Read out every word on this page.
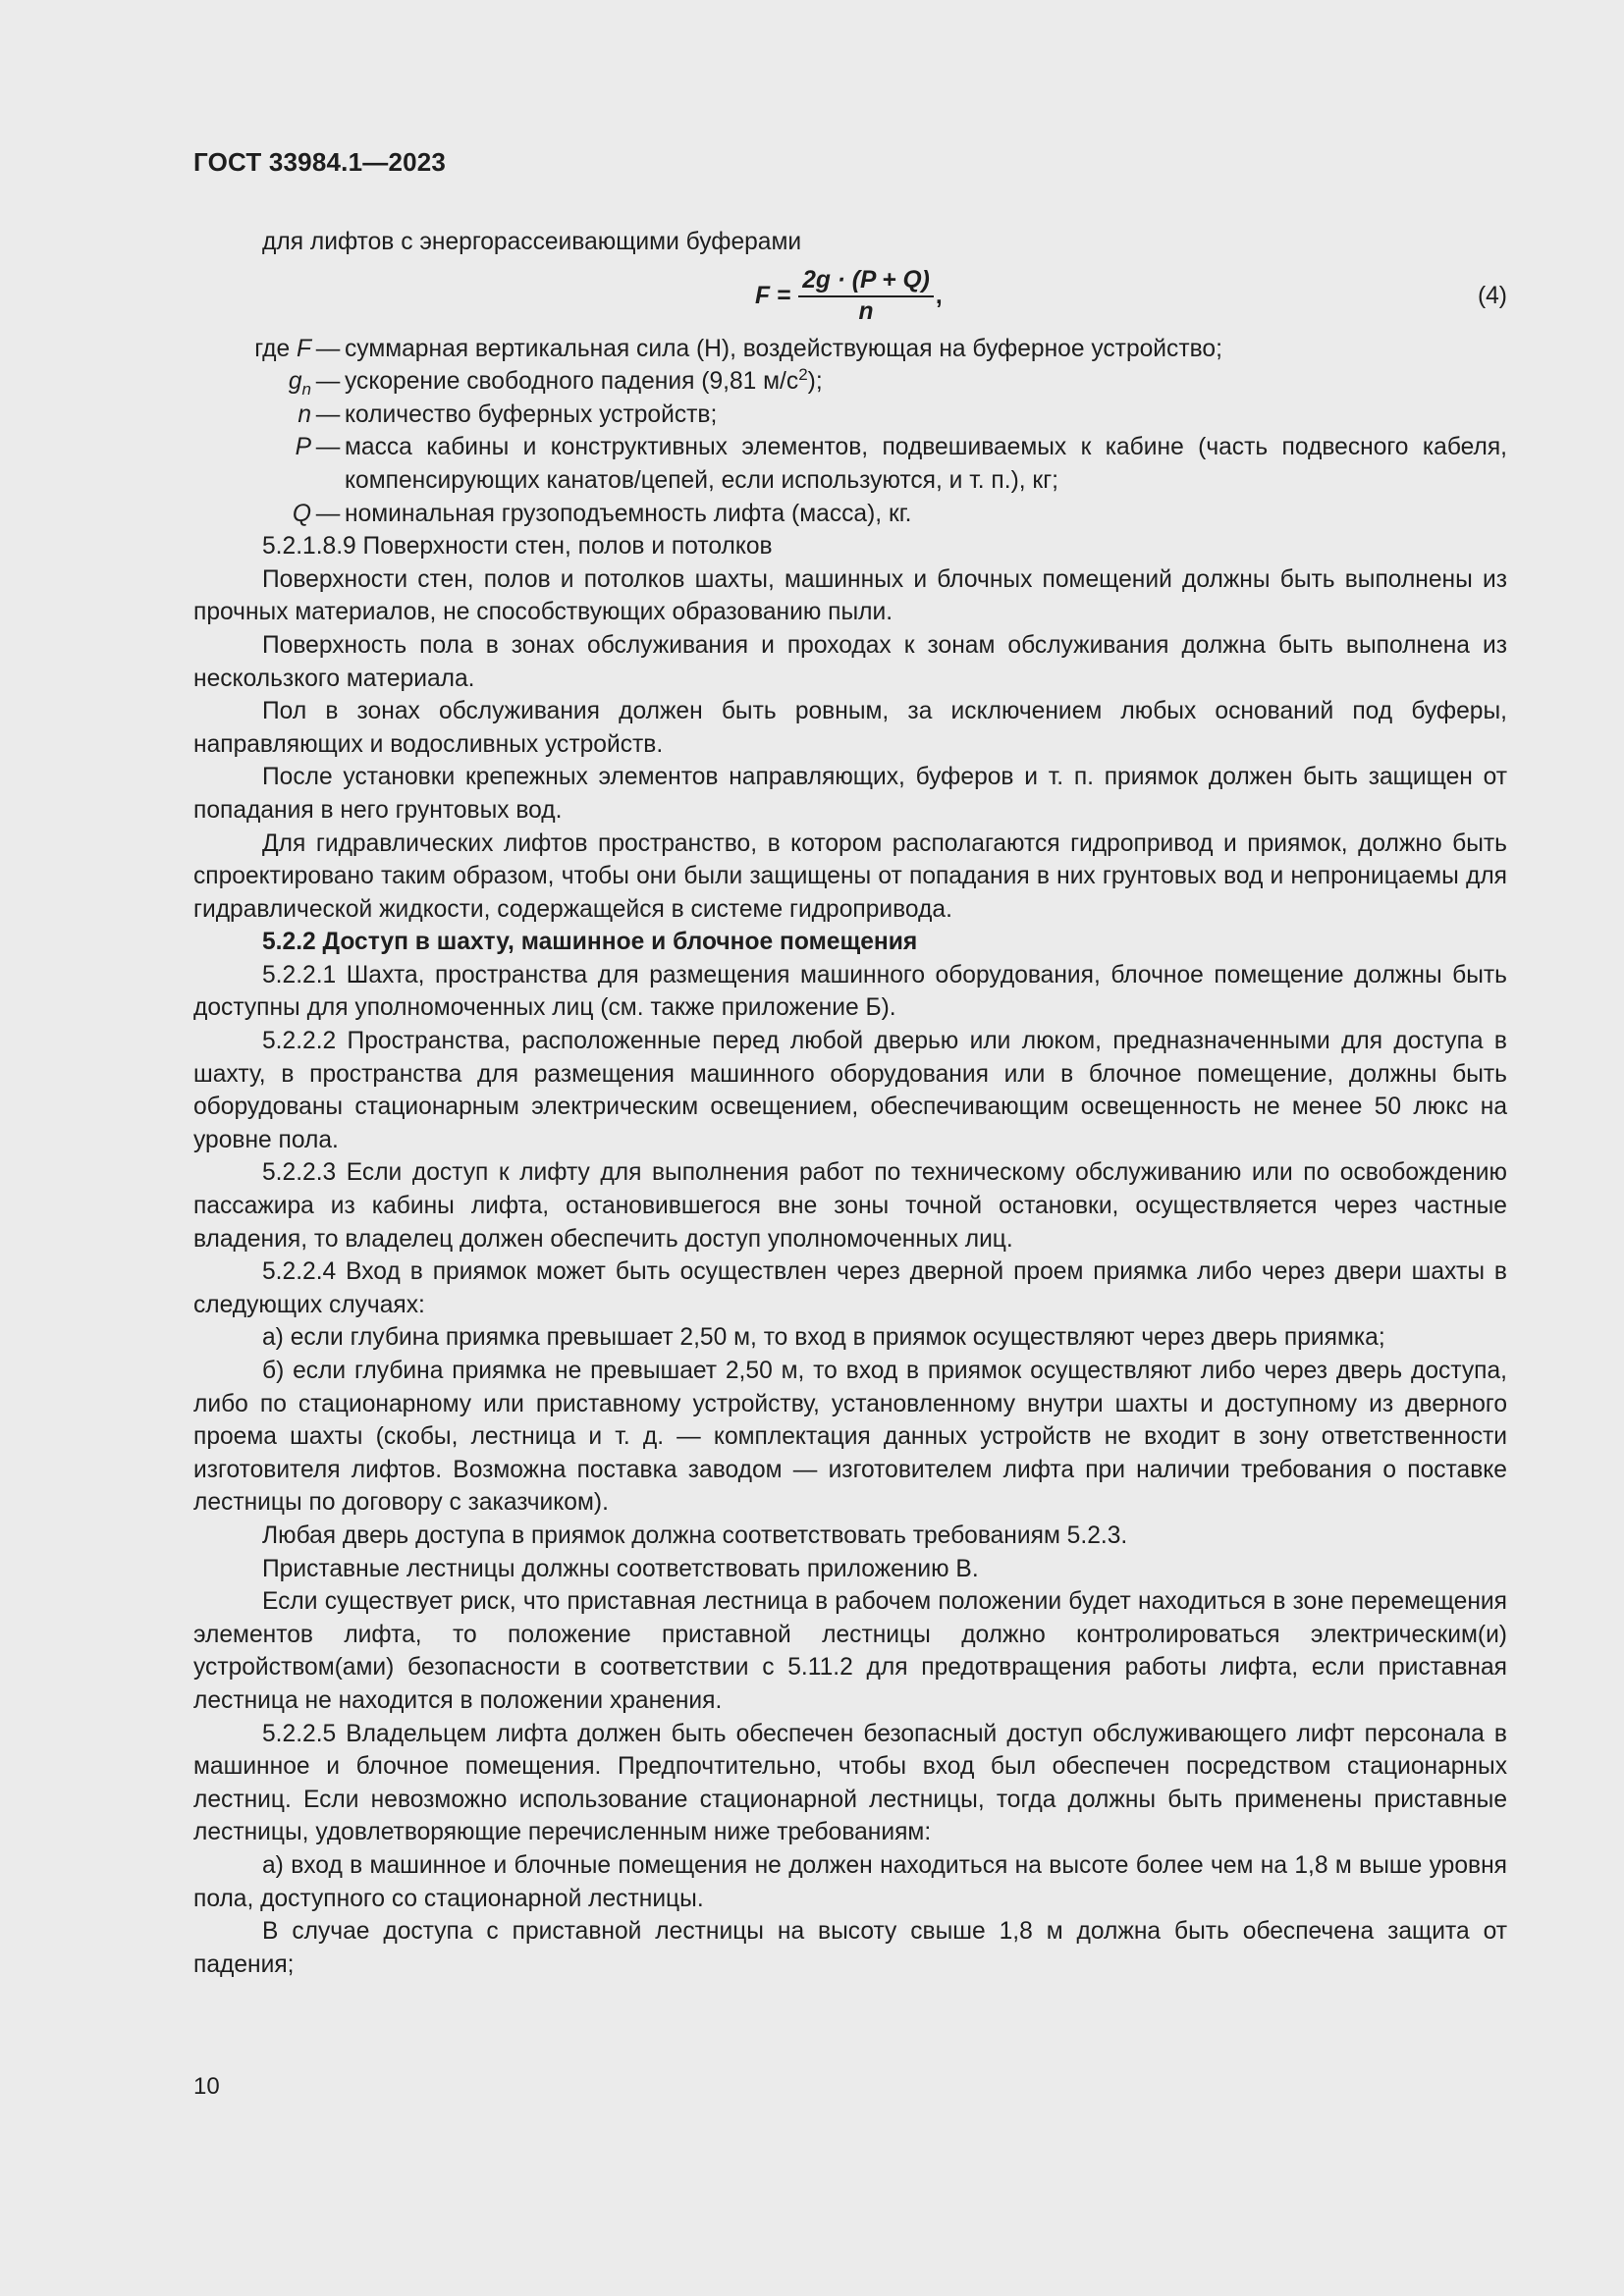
ГОСТ 33984.1—2023

для лифтов с энергорассеивающими буферами

$F = \frac{2g \cdot (P + Q)}{n}$ ,	(4)
где F — суммарная вертикальная сила (Н), воздействующая на буферное устройство;
$g_n$ — ускорение свободного падения (9,81 $м/с^2$);
n — количество буферных устройств;
P — масса кабины и конструктивных элементов, подвешиваемых к кабине (часть подвесного кабеля, компенсирующих канатов/цепей, если используются, и т. п.), кг;
Q — номинальная грузоподъемность лифта (масса), кг.

5.2.1.8.9 Поверхности стен, полов и потолков

Поверхности стен, полов и потолков шахты, машинных и блочных помещений должны быть выполнены из прочных материалов, не способствующих образованию пыли.

Поверхность пола в зонах обслуживания и проходах к зонам обслуживания должна быть выполнена из нескользкого материала.

Пол в зонах обслуживания должен быть ровным, за исключением любых оснований под буферы, направляющих и водосливных устройств.

После установки крепежных элементов направляющих, буферов и т. п. приямок должен быть защищен от попадания в него грунтовых вод.

Для гидравлических лифтов пространство, в котором располагаются гидропривод и приямок, должно быть спроектировано таким образом, чтобы они были защищены от попадания в них грунтовых вод и непроницаемы для гидравлической жидкости, содержащейся в системе гидропривода.

5.2.2 Доступ в шахту, машинное и блочное помещения

5.2.2.1 Шахта, пространства для размещения машинного оборудования, блочное помещение должны быть доступны для уполномоченных лиц (см. также приложение Б).

5.2.2.2 Пространства, расположенные перед любой дверью или люком, предназначенными для доступа в шахту, в пространства для размещения машинного оборудования или в блочное помещение, должны быть оборудованы стационарным электрическим освещением, обеспечивающим освещенность не менее 50 люкс на уровне пола.

5.2.2.3 Если доступ к лифту для выполнения работ по техническому обслуживанию или по освобождению пассажира из кабины лифта, остановившегося вне зоны точной остановки, осуществляется через частные владения, то владелец должен обеспечить доступ уполномоченных лиц.

5.2.2.4 Вход в приямок может быть осуществлен через дверной проем приямка либо через двери шахты в следующих случаях:

а) если глубина приямка превышает 2,50 м, то вход в приямок осуществляют через дверь приямка;

б) если глубина приямка не превышает 2,50 м, то вход в приямок осуществляют либо через дверь доступа, либо по стационарному или приставному устройству, установленному внутри шахты и доступному из дверного проема шахты (скобы, лестница и т. д. — комплектация данных устройств не входит в зону ответственности изготовителя лифтов. Возможна поставка заводом — изготовителем лифта при наличии требования о поставке лестницы по договору с заказчиком).

Любая дверь доступа в приямок должна соответствовать требованиям 5.2.3.

Приставные лестницы должны соответствовать приложению В.

Если существует риск, что приставная лестница в рабочем положении будет находиться в зоне перемещения элементов лифта, то положение приставной лестницы должно контролироваться электрическим(и) устройством(ами) безопасности в соответствии с 5.11.2 для предотвращения работы лифта, если приставная лестница не находится в положении хранения.

5.2.2.5 Владельцем лифта должен быть обеспечен безопасный доступ обслуживающего лифт персонала в машинное и блочное помещения. Предпочтительно, чтобы вход был обеспечен посредством стационарных лестниц. Если невозможно использование стационарной лестницы, тогда должны быть применены приставные лестницы, удовлетворяющие перечисленным ниже требованиям:

а) вход в машинное и блочные помещения не должен находиться на высоте более чем на 1,8 м выше уровня пола, доступного со стационарной лестницы.

В случае доступа с приставной лестницы на высоту свыше 1,8 м должна быть обеспечена защита от падения;

10
